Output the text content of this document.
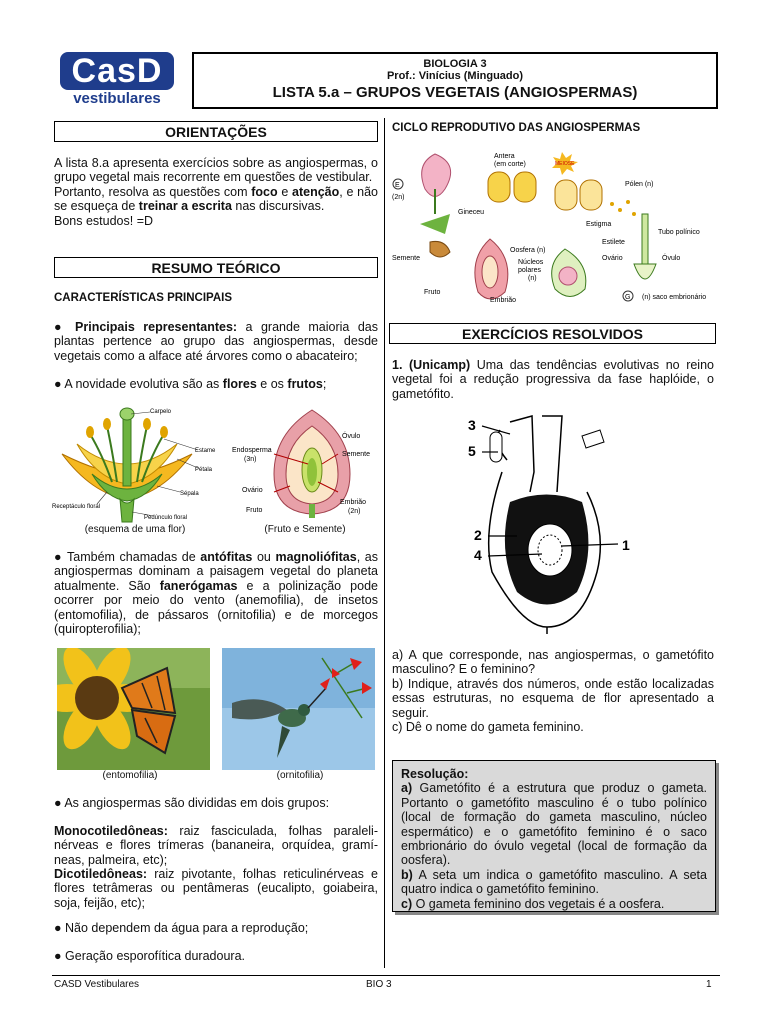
CasD
vestibulares
BIOLOGIA 3
Prof.: Vinícius (Minguado)
LISTA 5.a – GRUPOS VEGETAIS (ANGIOSPERMAS)
ORIENTAÇÕES
A lista 8.a apresenta exercícios sobre as angiospermas, o grupo vegetal mais recorrente em questões de vestibular.
Portanto, resolva as questões com foco e atenção, e não se esqueça de treinar a escrita nas discursivas.
Bons estudos! =D
RESUMO TEÓRICO
CARACTERÍSTICAS PRINCIPAIS
● Principais representantes: a grande maioria das plantas pertence ao grupo das angiospermas, desde vegetais como a alface até árvores como o abacateiro;
● A novidade evolutiva são as flores e os frutos;
Carpelo
Estame
Pétala
Sépala
Receptáculo floral
Pedúnculo floral
Endosperma
(3n)
Óvulo
Semente
Ovário
Fruto
Embrião
(2n)
(esquema de uma flor)	(Fruto e Semente)
● Também chamadas de antófitas ou magnoliófitas, as angiospermas dominam a paisagem vegetal do planeta atualmente. São fanerógamas e a polinização pode ocorrer por meio do vento (anemofilia), de insetos (entomofilia), de pássaros (ornitofilia) e de morcegos (quiropterofilia);
(entomofilia)	(ornitofilia)
● As angiospermas são divididas em dois grupos:
Monocotiledôneas: raiz fasciculada, folhas paraleli-nérveas e flores trímeras (bananeira, orquídea, gramí-neas, palmeira, etc);
Dicotiledôneas: raiz pivotante, folhas reticulinérveas e flores tetrâmeras ou pentâmeras (eucalipto, goiabeira, soja, feijão, etc);
● Não dependem da água para a reprodução;
● Geração esporofítica duradoura.
CICLO REPRODUTIVO DAS ANGIOSPERMAS
E
(2n)
Gineceu
Antera
(em corte)	MEIOSE
Pólen (n)
Estigma
Tubo polínico
Estilete
Oosfera (n)
Ovário	Óvulo
Núcleos
polares
(n)
Semente
Fruto
Embrião	G (n) saco embrionário
EXERCÍCIOS RESOLVIDOS
1. (Unicamp) Uma das tendências evolutivas no reino vegetal foi a redução progressiva da fase haplóide, o gametófito.
3
5
2
4
1
a) A que corresponde, nas angiospermas, o gametófito masculino? E o feminino?
b) Indique, através dos números, onde estão localizadas essas estruturas, no esquema de flor apresentado a seguir.
c) Dê o nome do gameta feminino.
Resolução:
a) Gametófito é a estrutura que produz o gameta. Portanto o gametófito masculino é o tubo polínico (local de formação do gameta masculino, núcleo espermático) e o gametófito feminino é o saco embrionário do óvulo vegetal (local de formação da oosfera).
b) A seta um indica o gametófito masculino. A seta quatro indica o gametófito feminino.
c) O gameta feminino dos vegetais é a oosfera.
CASD Vestibulares	BIO 3	1
